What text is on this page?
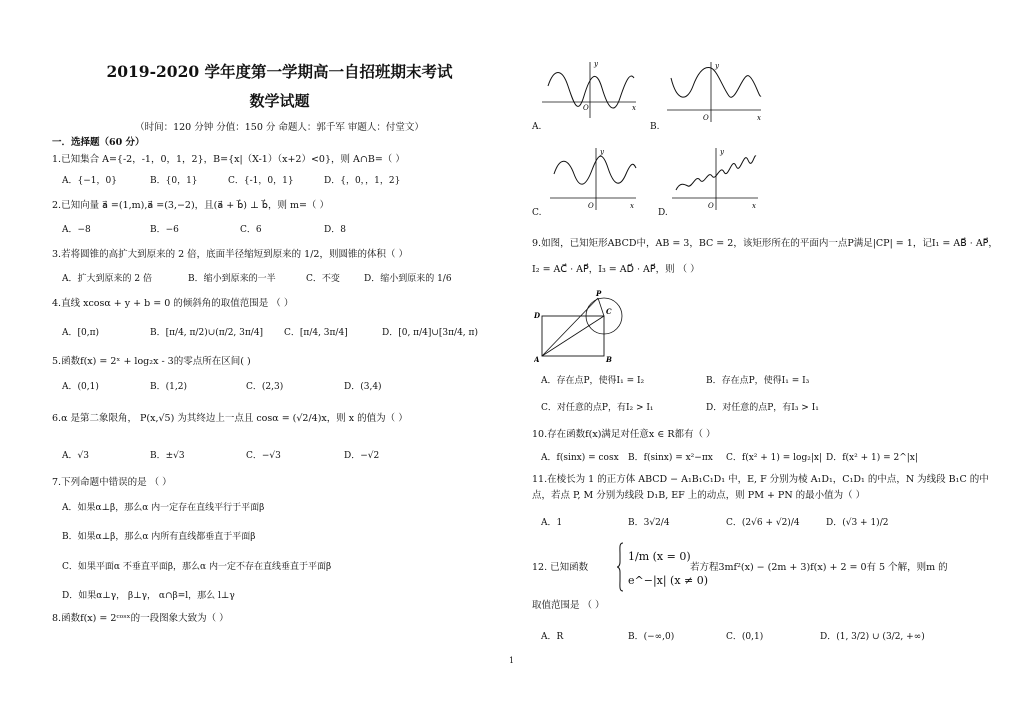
2019-2020 学年度第一学期高一自招班期末考试
数学试题
（时间：120 分钟 分值：150 分 命题人：郭千军 审题人：付堂文）
一．选择题（60 分）
1.已知集合 A={-2，-1，0，1，2}，B={x|（X-1）（x+2）<0}，则 A∩B=（ ）
A．{−1，0}	B．{0，1}	C．{-1，0，1}	D．{，0，，1，2}
2.已知向量 a⃗ =(1,m),a⃗ =(3,−2)，且(a⃗ + b⃗) ⊥ b⃗，则 m=（ ）
A．−8	B．−6	C．6	D．8
3.若将圆锥的高扩大到原来的 2 倍，底面半径缩短到原来的 1/2，则圆锥的体积（ ）
A．扩大到原来的 2 倍	B．缩小到原来的一半	C．不变	D．缩小到原来的 1/6
4.直线 xcosα + y + b = 0 的倾斜角的取值范围是 （ ）
A．[0,π)	B．[π/4, π/2)∪(π/2, 3π/4] C．[π/4, 3π/4]	D．[0, π/4]∪[3π/4, π)
5.函数f(x) = 2ˣ + log₂x - 3的零点所在区间( )
A．(0,1)	B．(1,2)	C．(2,3)	D．(3,4)
6.α 是第二象限角， P(x,√5) 为其终边上一点且 cosα = (√2/4)x，则 x 的值为（ ）
A．√3	B．±√3	C．−√3	D．−√2
7.下列命题中错误的是 （ ）
A．如果α⊥β，那么α 内一定存在直线平行于平面β
B．如果α⊥β，那么α 内所有直线都垂直于平面β
C．如果平面α 不垂直平面β，那么α 内一定不存在直线垂直于平面β
D．如果α⊥γ， β⊥γ， α∩β=l，那么 l⊥γ
8.函数f(x) = 2ᶜᵒˢˣ的一段图象大致为（ ）
y
x
O
A.
y
x
O
B.
y
x
O
C.
y
x
O
D.
9.如图，已知矩形ABCD中，AB = 3，BC = 2，该矩形所在的平面内一点P满足|CP| = 1，记I₁ = AB⃗ · AP⃗，
I₂ = AC⃗ · AP⃗，I₃ = AD⃗ · AP⃗，则 （ ）
A	B
C
D
P
A．存在点P，使得I₁ = I₂	B．存在点P，使得I₁ = I₃
C．对任意的点P，有I₂ > I₁	D．对任意的点P，有I₃ > I₁
10.存在函数f(x)满足对任意x ∈ R都有（ ）
A．f(sinx) = cosx B．f(sinx) = x²−πx C．f(x² + 1) = log₂|x| D．f(x² + 1) = 2^|x|
11.在棱长为 1 的正方体 ABCD − A₁B₁C₁D₁ 中，E, F 分别为棱 A₁D₁，C₁D₁ 的中点，N 为线段 B₁C 的中
点，若点 P, M 分别为线段 D₁B, EF 上的动点，则 PM + PN 的最小值为（ ）
A．1	B．3√2/4	C．(2√6 + √2)/4	D．(√3 + 1)/2
12. 已知函数
1/m (x = 0)
e^−|x| (x ≠ 0)
若方程3mf²(x) − (2m + 3)f(x) + 2 = 0有 5 个解，则m 的
取值范围是 （ ）
A．R	B．(−∞,0)	C．(0,1)	D．(1, 3/2) ∪ (3/2, +∞)
1
